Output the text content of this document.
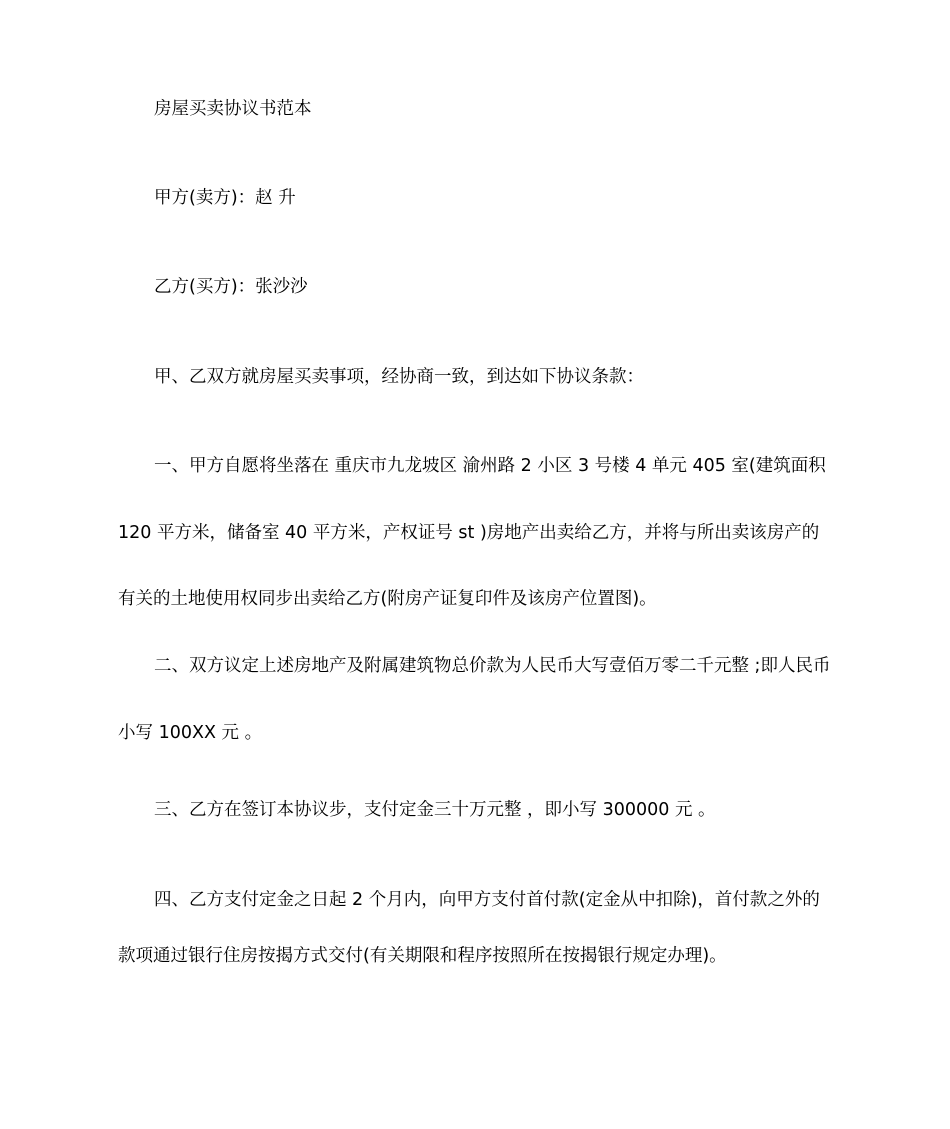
房屋买卖协议书范本

甲方(卖方)：赵 升

乙方(买方)：张沙沙

甲、乙双方就房屋买卖事项，经协商一致，到达如下协议条款：

一、甲方自愿将坐落在 重庆市九龙坡区 渝州路 2 小区 3 号楼 4 单元 405 室(建筑面积 120 平方米，储备室 40 平方米，产权证号 st )房地产出卖给乙方，并将与所出卖该房产的有关的土地使用权同步出卖给乙方(附房产证复印件及该房产位置图)。

二、双方议定上述房地产及附属建筑物总价款为人民币大写壹佰万零二千元整 ;即人民币小写 100XX 元 。

三、乙方在签订本协议步，支付定金三十万元整 ，即小写 300000 元 。

四、乙方支付定金之日起 2 个月内，向甲方支付首付款(定金从中扣除)，首付款之外的款项通过银行住房按揭方式交付(有关期限和程序按照所在按揭银行规定办理)。
